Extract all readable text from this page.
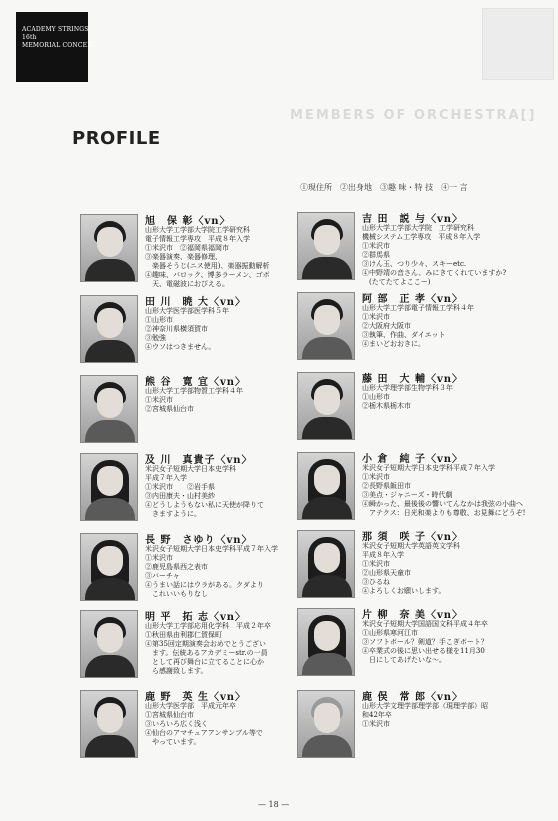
ACADEMY STRINGS
16th
MEMORIAL CONCERT
MEMBERS OF ORCHESTRA[]
PROFILE
①現住所　②出身地　③趣 味・特 技　④一 言
旭　保 彰〈vn〉
山形大学工学部大学院工学研究科
電子情報工学専攻　平成８年入学
①米沢市　②福岡県福岡市
③楽器演奏、楽器修理、
　楽器そうじ(ニス使用)、楽器振動解析
④趣味、バロック、博多ラーメン、ゴボ
　天、電磁波におびえる。
田 川　暁 大〈vn〉
山形大学医学部医学科５年
①山形市
②神奈川県横須賀市
③勉強
④ウソはつきません。
熊 谷　寛 宜〈vn〉
山形大学工学部物質工学科４年
①米沢市
②宮城県仙台市
及 川　真貴子〈vn〉
米沢女子短期大学日本史学科
平成７年入学
①米沢市　　②岩手県
③内田康夫・山村美紗
④どうしようもない私に天使が降りて
　きますように。
長 野　さゆり〈vn〉
米沢女子短期大学日本史学科平成７年入学
①米沢市
②鹿児島県西之表市
③バーチャ
④うまい話にはウラがある。クダより
　これいいもりなし
明 平　拓 志〈vn〉
山形大学工学部応用化学科　平成２年卒
①秋田県由利郡仁賀保町
④第35回定期演奏会おめでとうござい
　ます。伝統あるアカデミーstr.の一員
　として再び舞台に立てることに心か
　ら感謝致します。
鹿 野　英 生〈vn〉
山形大学医学部　平成元年卒
①宮城県仙台市
③いろいろ広く浅く
④仙台のアマチュアアンサンブル等で
　やっています。
吉 田　説 与〈vn〉
山形大学工学部大学院　工学研究科
機械システム工学専攻　平成８年入学
①米沢市
②群馬県
③けん玉、つり少々、スキーetc.
④中野靖の音さん、みにきてくれていますか?
　(たてたてよここー)
阿 部　正 孝〈vn〉
山形大学工学部電子情報工学科４年
①米沢市
②大阪府大阪市
③執筆、作曲、ダイエット
④まいどおおきに。
藤 田　大 輔〈vn〉
山形大学理学部生物学科３年
①山形市
②栃木県栃木市
小 倉　純 子〈vn〉
米沢女子短期大学日本史学科平成７年入学
①米沢市
②長野県飯田市
③美点・ジャニーズ・時代劇
④瞬かった、最後後の響いてんなかは我弦の小曲へ
　アテクス：日光和楽よりも尊敬、お見舞にどうぞ!
那 須　咲 子〈vn〉
米沢女子短期大学英語英文学科
平成８年入学
①米沢市
②山形県天童市
③ひるね
④よろしくお願いします。
片 柳　奈 美〈vn〉
米沢女子短期大学国語国文科平成４年卒
①山形県寒河江市
③ソフトボール？剣道？手こぎボート？
④卒業式の後に思い出せる様を11月30
　日にしてあげたいな～。
鹿 俣　常 郎〈vn〉
山形大学文理学部理学部（現理学部）昭
和42年卒
①米沢市
— 18 —
